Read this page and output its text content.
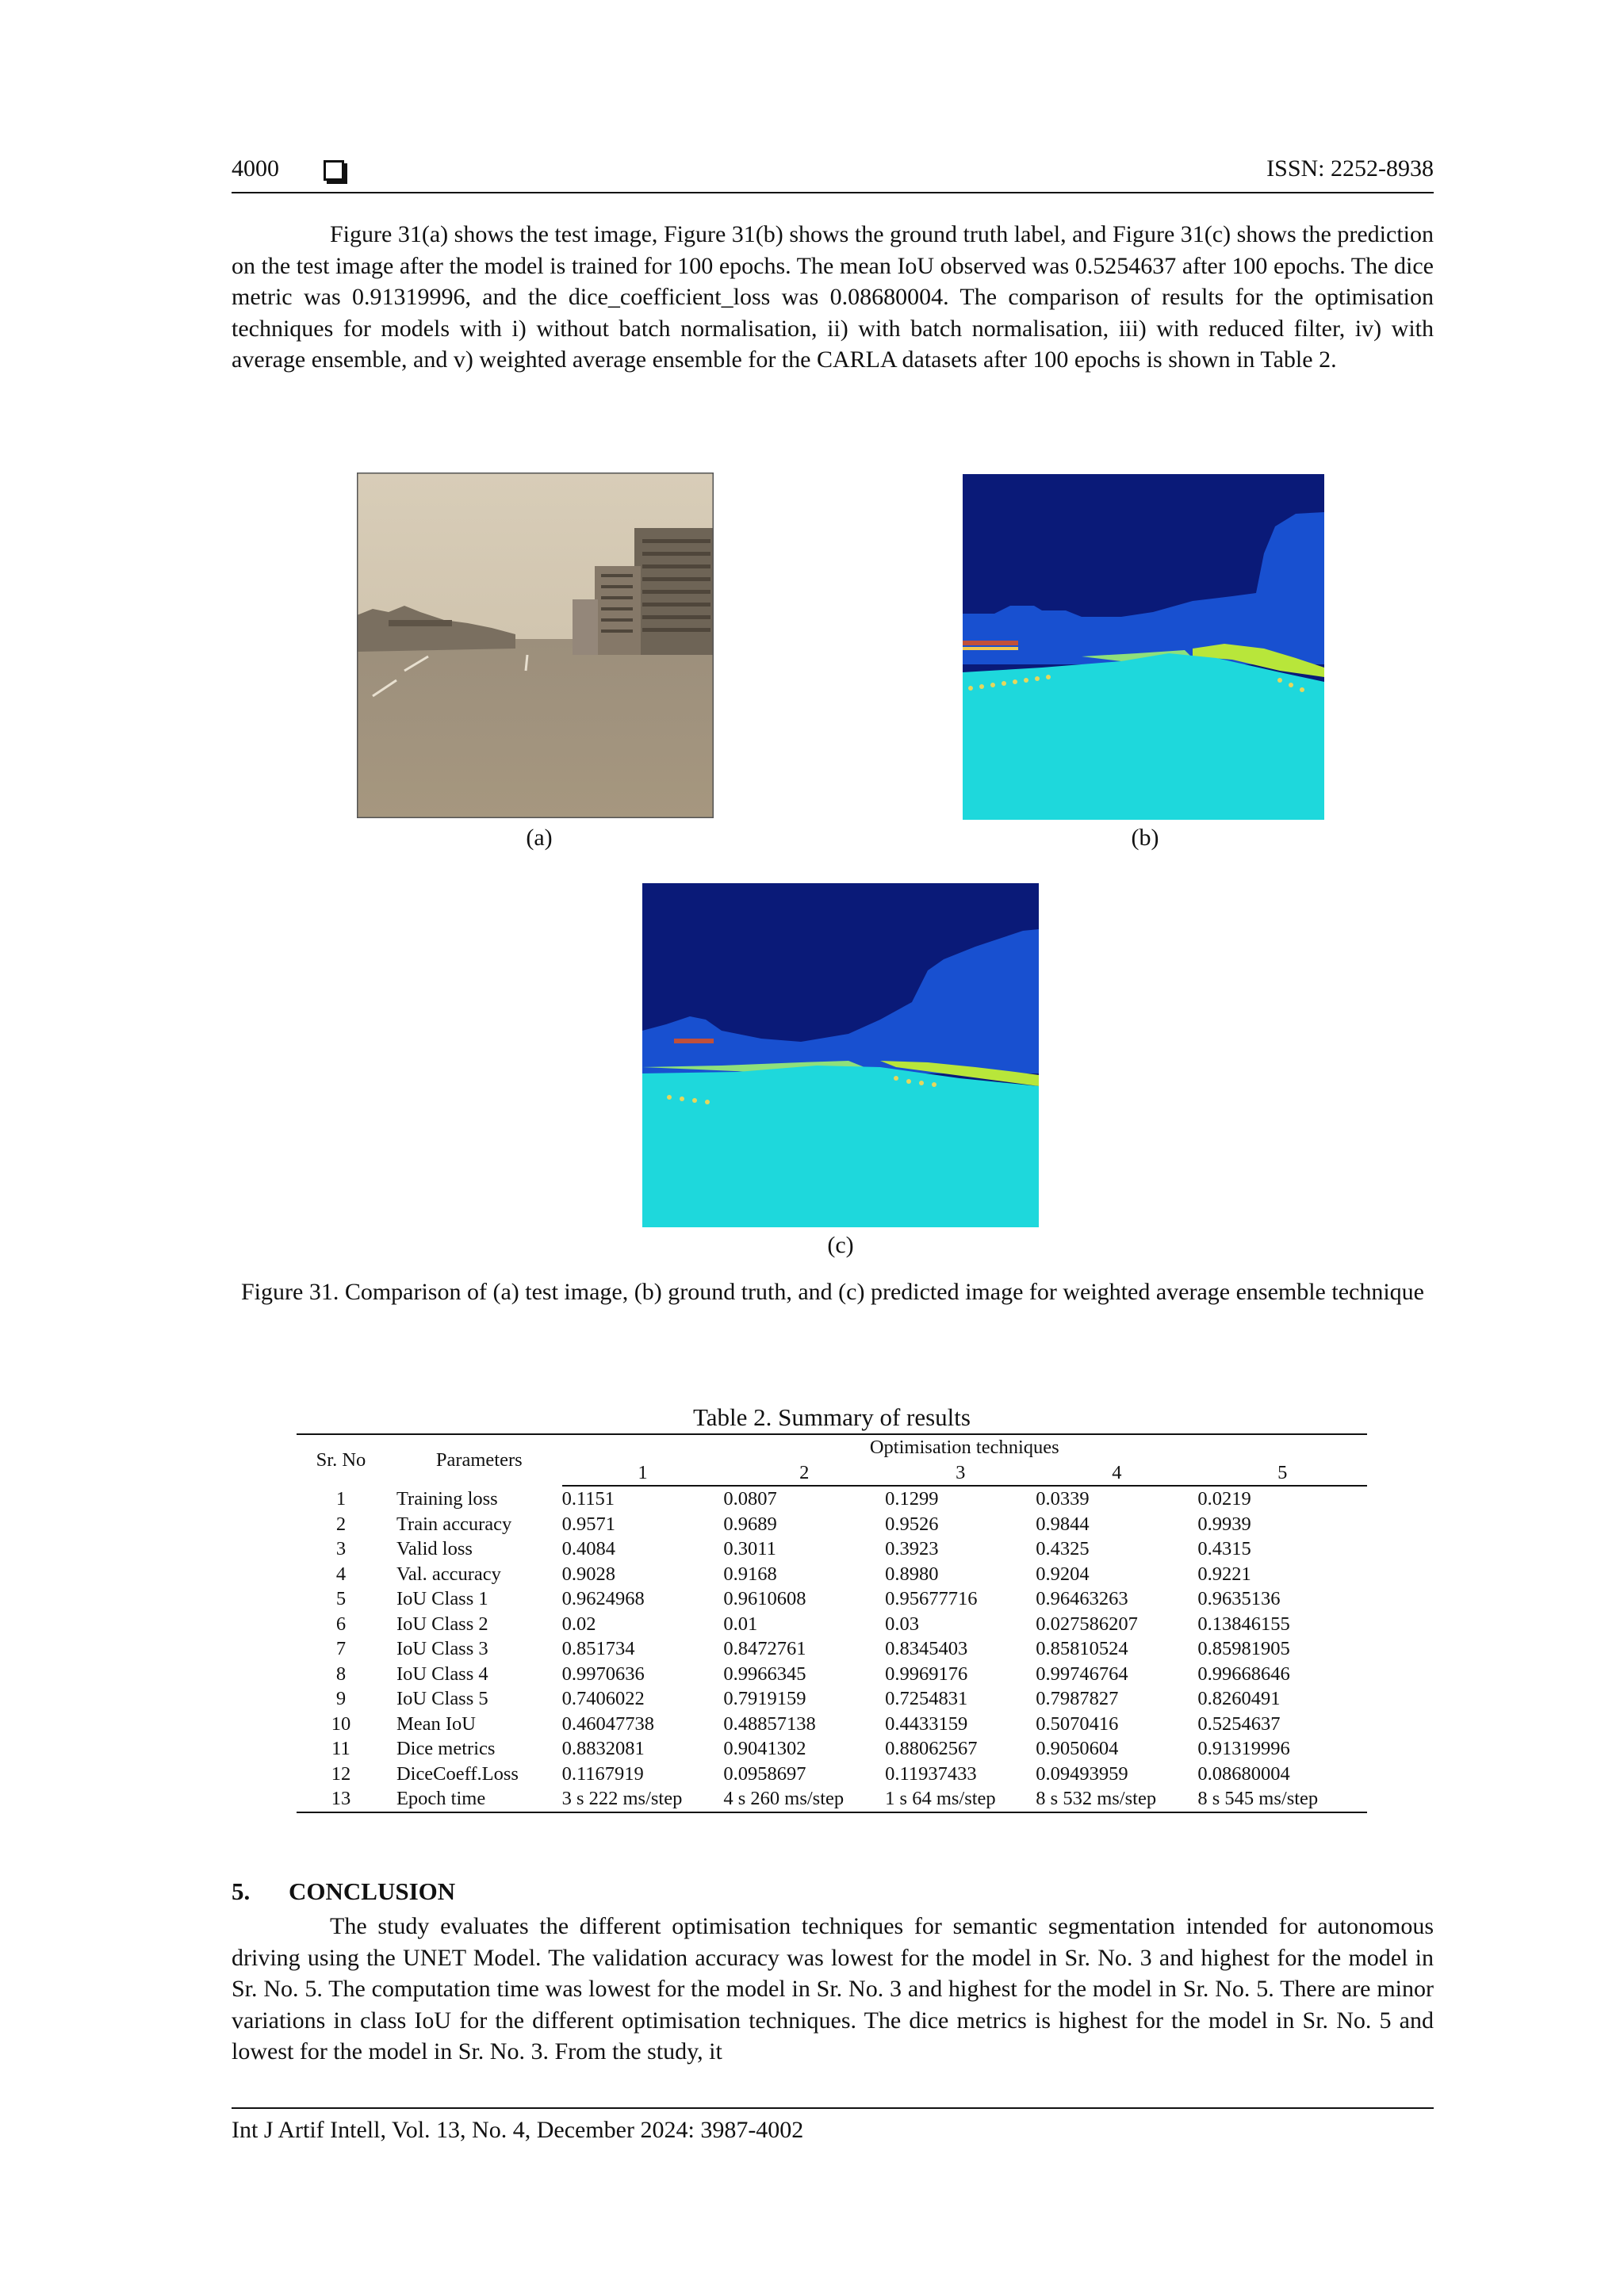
4000	ISSN: 2252-8938

Figure 31(a) shows the test image, Figure 31(b) shows the ground truth label, and Figure 31(c) shows the prediction on the test image after the model is trained for 100 epochs. The mean IoU observed was 0.5254637 after 100 epochs. The dice metric was 0.91319996, and the dice_coefficient_loss was 0.08680004. The comparison of results for the optimisation techniques for models with i) without batch normalisation, ii) with batch normalisation, iii) with reduced filter, iv) with average ensemble, and v) weighted average ensemble for the CARLA datasets after 100 epochs is shown in Table 2.

(a)	(b)
(c)
Figure 31. Comparison of (a) test image, (b) ground truth, and (c) predicted image for weighted average ensemble technique
Table 2. Summary of results
Sr. No	Parameters	Optimisation techniques				
		1	2	3	4	5
1	Training loss	0.1151	0.0807	0.1299	0.0339	0.0219
2	Train accuracy	0.9571	0.9689	0.9526	0.9844	0.9939
3	Valid loss	0.4084	0.3011	0.3923	0.4325	0.4315
4	Val. accuracy	0.9028	0.9168	0.8980	0.9204	0.9221
5	IoU Class 1	0.9624968	0.9610608	0.95677716	0.96463263	0.9635136
6	IoU Class 2	0.02	0.01	0.03	0.027586207	0.13846155
7	IoU Class 3	0.851734	0.8472761	0.8345403	0.85810524	0.85981905
8	IoU Class 4	0.9970636	0.9966345	0.9969176	0.99746764	0.99668646
9	IoU Class 5	0.7406022	0.7919159	0.7254831	0.7987827	0.8260491
10	Mean IoU	0.46047738	0.48857138	0.4433159	0.5070416	0.5254637
11	Dice metrics	0.8832081	0.9041302	0.88062567	0.9050604	0.91319996
12	DiceCoeff.Loss	0.1167919	0.0958697	0.11937433	0.09493959	0.08680004
13	Epoch time	3 s 222 ms/step	4 s 260 ms/step	1 s 64 ms/step	8 s 532 ms/step	8 s 545 ms/step
5. CONCLUSION

The study evaluates the different optimisation techniques for semantic segmentation intended for autonomous driving using the UNET Model. The validation accuracy was lowest for the model in Sr. No. 3 and highest for the model in Sr. No. 5. The computation time was lowest for the model in Sr. No. 3 and highest for the model in Sr. No. 5. There are minor variations in class IoU for the different optimisation techniques. The dice metrics is highest for the model in Sr. No. 5 and lowest for the model in Sr. No. 3. From the study, it

Int J Artif Intell, Vol. 13, No. 4, December 2024: 3987-4002
